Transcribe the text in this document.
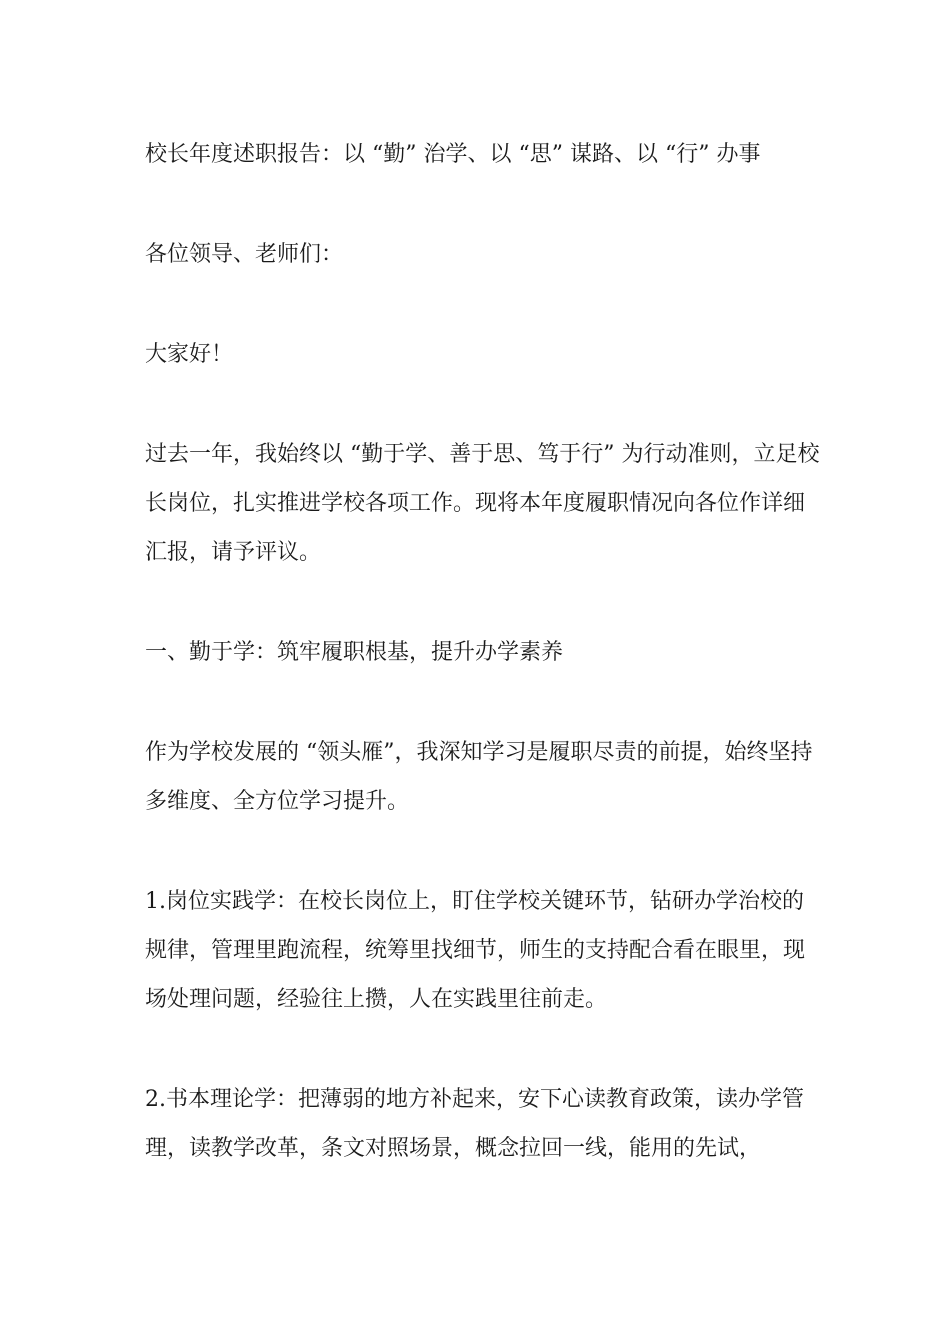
校长年度述职报告：以 “勤” 治学、以 “思” 谋路、以 “行” 办事

各位领导、老师们：

大家好！

过去一年，我始终以 “勤于学、善于思、笃于行” 为行动准则，立足校长岗位，扎实推进学校各项工作。现将本年度履职情况向各位作详细汇报，请予评议。

一、勤于学：筑牢履职根基，提升办学素养

作为学校发展的 “领头雁”，我深知学习是履职尽责的前提，始终坚持多维度、全方位学习提升。

1.岗位实践学：在校长岗位上，盯住学校关键环节，钻研办学治校的规律，管理里跑流程，统筹里找细节，师生的支持配合看在眼里，现场处理问题，经验往上攒，人在实践里往前走。

2.书本理论学：把薄弱的地方补起来，安下心读教育政策，读办学管理，读教学改革，条文对照场景，概念拉回一线，能用的先试，
